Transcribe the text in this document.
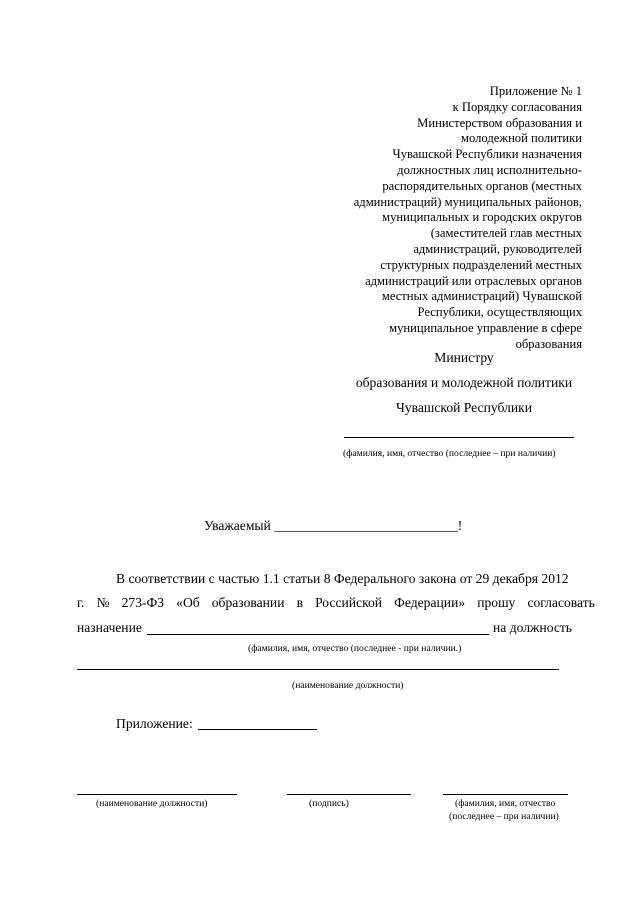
Приложение № 1
к Порядку согласования
Министерством образования и
молодежной политики
Чувашской Республики назначения
должностных лиц исполнительно-
распорядительных органов (местных
администраций) муниципальных районов,
муниципальных и городских округов
(заместителей глав местных
администраций, руководителей
структурных подразделений местных
администраций или отраслевых органов
местных администраций) Чувашской
Республики, осуществляющих
муниципальное управление в сфере
образования
Министру
образования и молодежной политики
Чувашской Республики
(фамилия, имя, отчество (последнее – при наличии)
Уважаемый ___________________________!
В соответствии с частью 1.1 статьи 8 Федерального закона от 29 декабря 2012
г. № 273-ФЗ «Об образовании в Российской Федерации» прошу согласовать
назначение	на должность
(фамилия, имя, отчество (последнее - при наличии.)
(наименование должности)
Приложение:
(наименование должности)	(подпись)	(фамилия, имя, отчество
(последнее – при наличии)
